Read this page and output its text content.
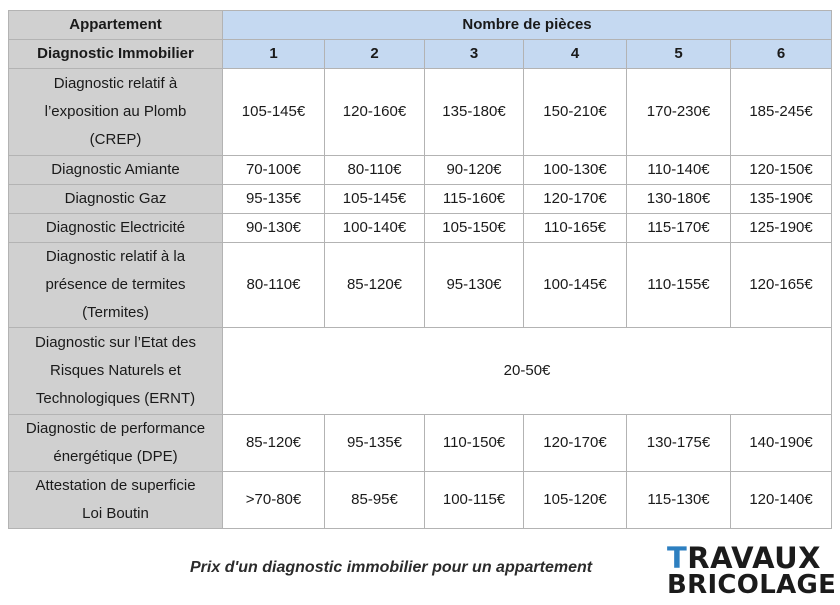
Appartement	Nombre de pièces					
Diagnostic Immobilier	1	2	3	4	5	6

Diagnostic relatif à
l’exposition au Plomb
(CREP)	105-145€	120-160€	135-180€	150-210€	170-230€	185-245€

Diagnostic Amiante	70-100€	80-110€	90-120€	100-130€	110-140€	120-150€

Diagnostic Gaz	95-135€	105-145€	115-160€	120-170€	130-180€	135-190€

Diagnostic Electricité	90-130€	100-140€	105-150€	110-165€	115-170€	125-190€

Diagnostic relatif à la
présence de termites
(Termites)	80-110€	85-120€	95-130€	100-145€	110-155€	120-165€

Diagnostic sur l’Etat des
Risques Naturels et
Technologiques (ERNT)	20-50€					

Diagnostic de performance
énergétique (DPE)	85-120€	95-135€	110-150€	120-170€	130-175€	140-190€

Attestation de superficie
Loi Boutin	>70-80€	85-95€	100-115€	105-120€	115-130€	120-140€
Prix d'un diagnostic immobilier pour un appartement	TRAVAUX
BRICOLAGE
